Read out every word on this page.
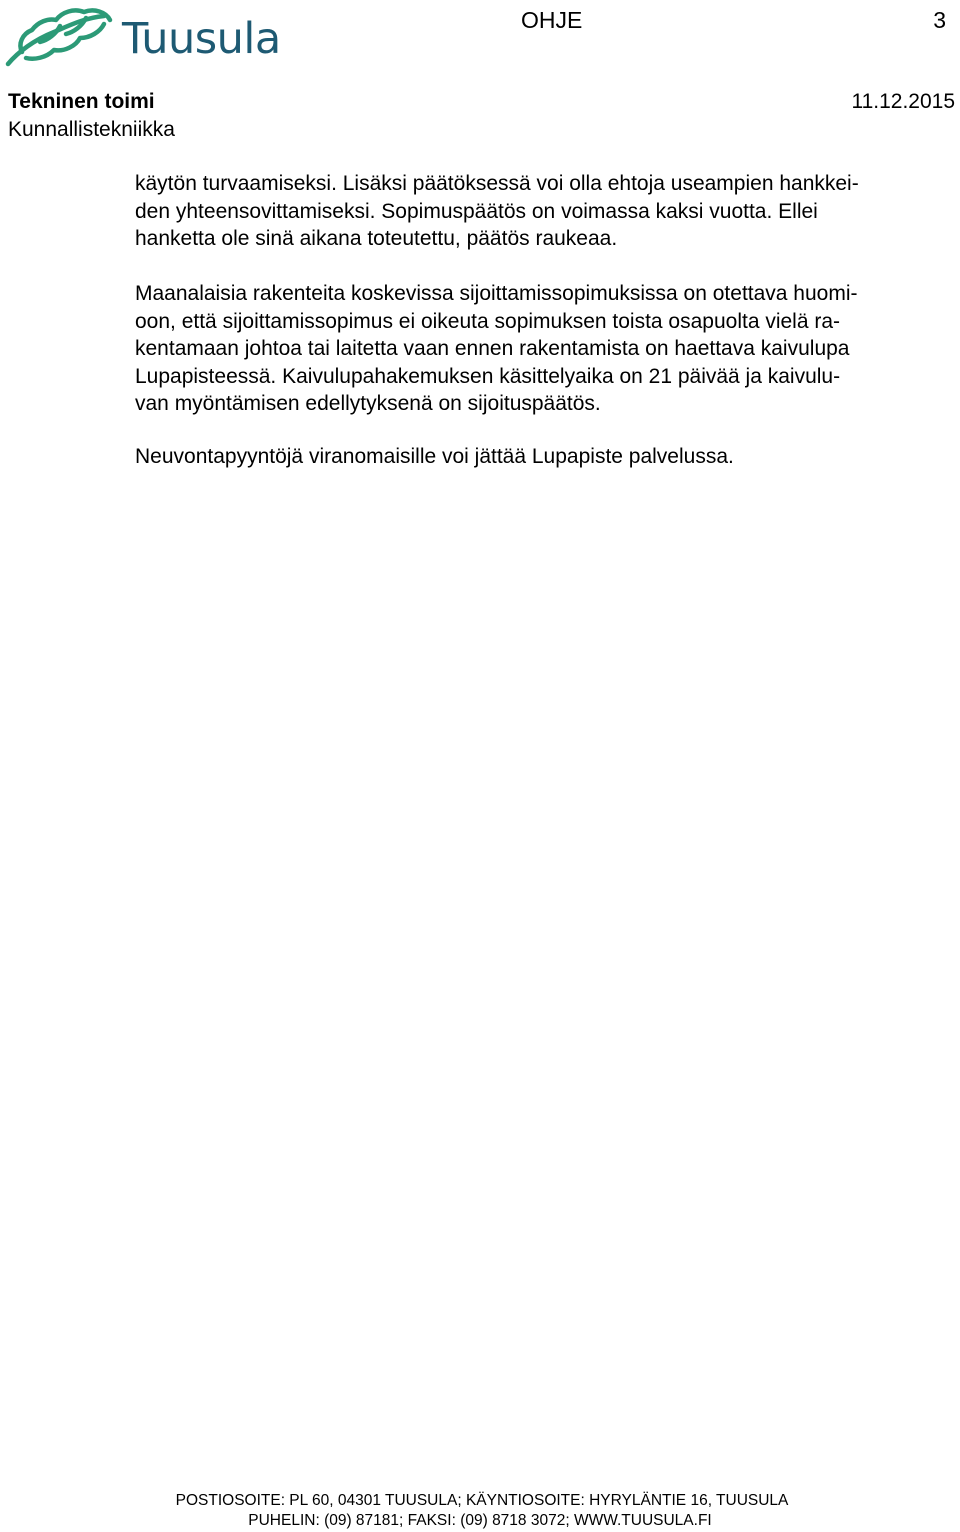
Tuusula	OHJE	3
Tekninen toimi	11.12.2015
Kunnallistekniikka
käytön turvaamiseksi. Lisäksi päätöksessä voi olla ehtoja useampien hankkei-
den yhteensovittamiseksi. Sopimuspäätös on voimassa kaksi vuotta. Ellei
hanketta ole sinä aikana toteutettu, päätös raukeaa.
Maanalaisia rakenteita koskevissa sijoittamissopimuksissa on otettava huomi-
oon, että sijoittamissopimus ei oikeuta sopimuksen toista osapuolta vielä ra-
kentamaan johtoa tai laitetta vaan ennen rakentamista on haettava kaivulupa
Lupapisteessä. Kaivulupahakemuksen käsittelyaika on 21 päivää ja kaivulu-
van myöntämisen edellytyksenä on sijoituspäätös.
Neuvontapyyntöjä viranomaisille voi jättää Lupapiste palvelussa.
POSTIOSOITE: PL 60, 04301 TUUSULA; KÄYNTIOSOITE: HYRYLÄNTIE 16, TUUSULA
PUHELIN: (09) 87181; FAKSI: (09) 8718 3072; WWW.TUUSULA.FI
